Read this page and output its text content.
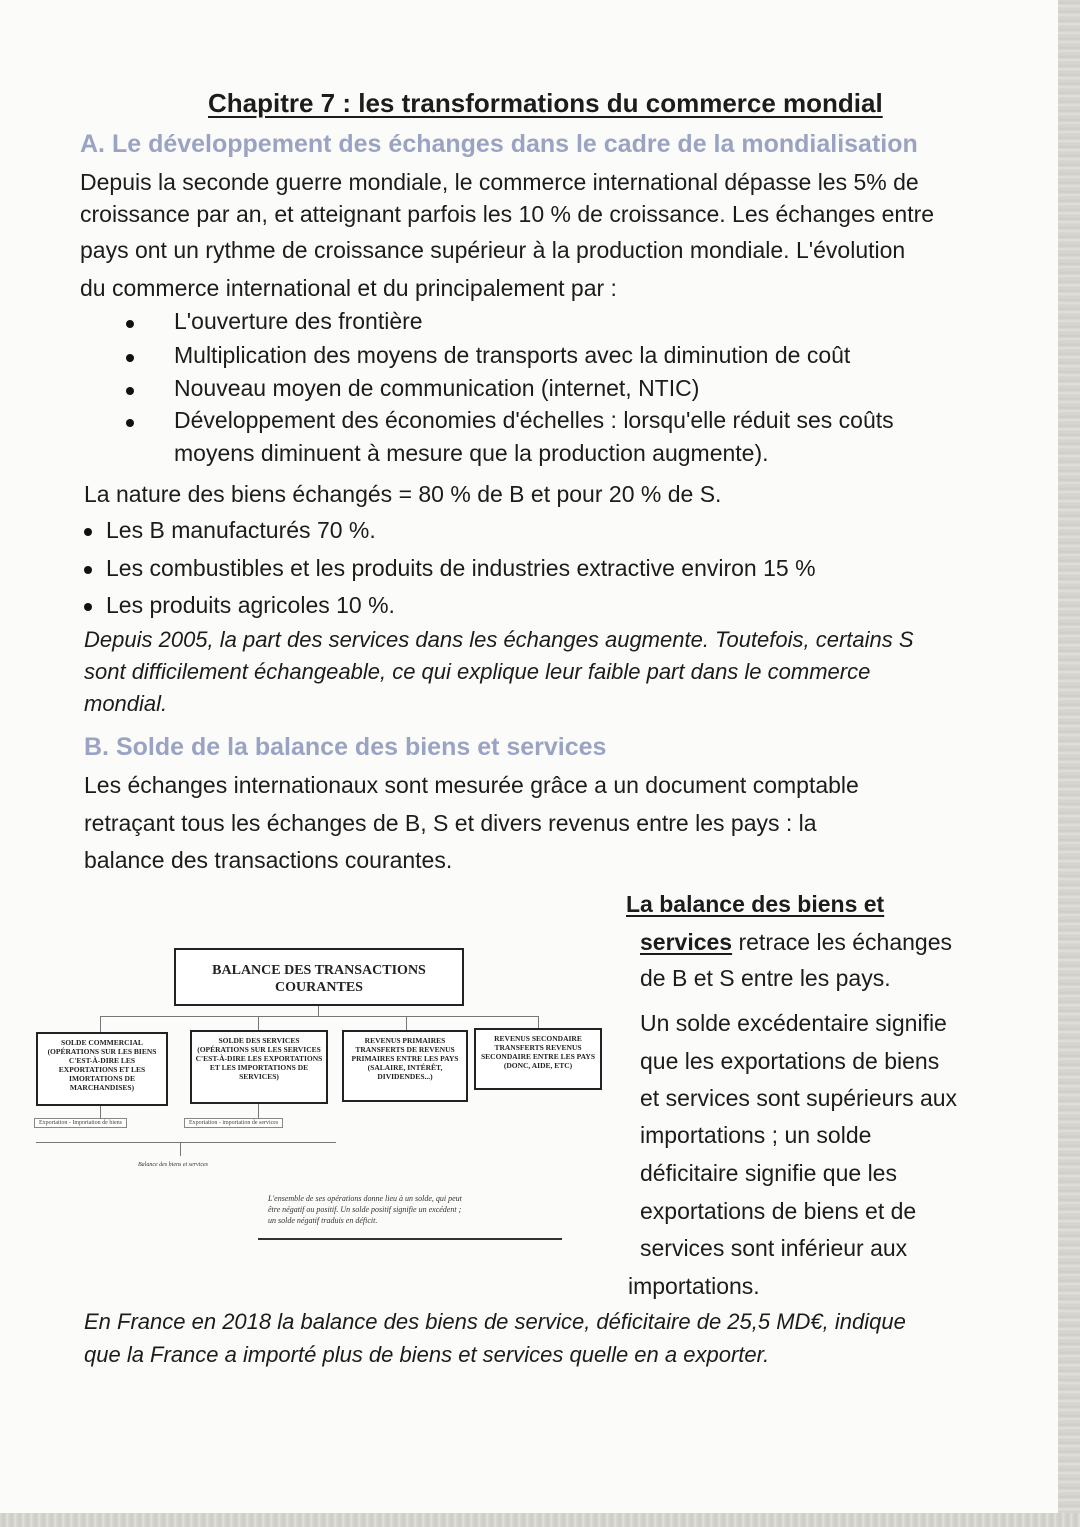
Chapitre 7 : les transformations du commerce mondial
A. Le développement des échanges dans le cadre de la mondialisation
Depuis la seconde guerre mondiale, le commerce international dépasse les 5% de
croissance par an, et atteignant parfois les 10 % de croissance. Les échanges entre
pays ont un rythme de croissance supérieur à la production mondiale. L'évolution
du commerce international et du principalement par :
L'ouverture des frontière
Multiplication des moyens de transports avec la diminution de coût
Nouveau moyen de communication (internet, NTIC)
Développement des économies d'échelles : lorsqu'elle réduit ses coûts
moyens diminuent à mesure que la production augmente).
La nature des biens échangés = 80 % de B et pour 20 % de S.
Les B manufacturés 70 %.
Les combustibles et les produits de industries extractive environ 15 %
Les produits agricoles 10 %.
Depuis 2005, la part des services dans les échanges augmente. Toutefois, certains S
sont difficilement échangeable, ce qui explique leur faible part dans le commerce
mondial.
B. Solde de la balance des biens et services
Les échanges internationaux sont mesurée grâce a un document comptable
retraçant tous les échanges de B, S et divers revenus entre les pays : la
balance des transactions courantes.
La balance des biens et
services retrace les échanges
de B et S entre les pays.
Un solde excédentaire signifie
que les exportations de biens
et services sont supérieurs aux
importations ; un solde
déficitaire signifie que les
exportations de biens et de
services sont inférieur aux
importations.
BALANCE DES TRANSACTIONS
COURANTES
SOLDE COMMERCIAL (OPÉRATIONS SUR LES BIENS C'EST-À-DIRE LES EXPORTATIONS ET LES IMORTATIONS DE MARCHANDISES)
SOLDE DES SERVICES (OPÉRATIONS SUR LES SERVICES C'EST-À-DIRE LES EXPORTATIONS ET LES IMPORTATIONS DE SERVICES)
REVENUS PRIMAIRES TRANSFERTS DE REVENUS PRIMAIRES ENTRE LES PAYS (SALAIRE, INTÉRÊT, DIVIDENDES...)
REVENUS SECONDAIRE TRANSFERTS REVENUS SECONDAIRE ENTRE LES PAYS (DONC, AIDE, ETC)
Exportation - Importation de biens	Exportation - importation de services
Balance des biens et services
L'ensemble de ses opérations donne lieu à un solde, qui peut
être négatif ou positif. Un solde positif signifie un excédent ;
un solde négatif traduis en déficit.
En France en 2018 la balance des biens de service, déficitaire de 25,5 MD€, indique
que la France a importé plus de biens et services quelle en a exporter.
